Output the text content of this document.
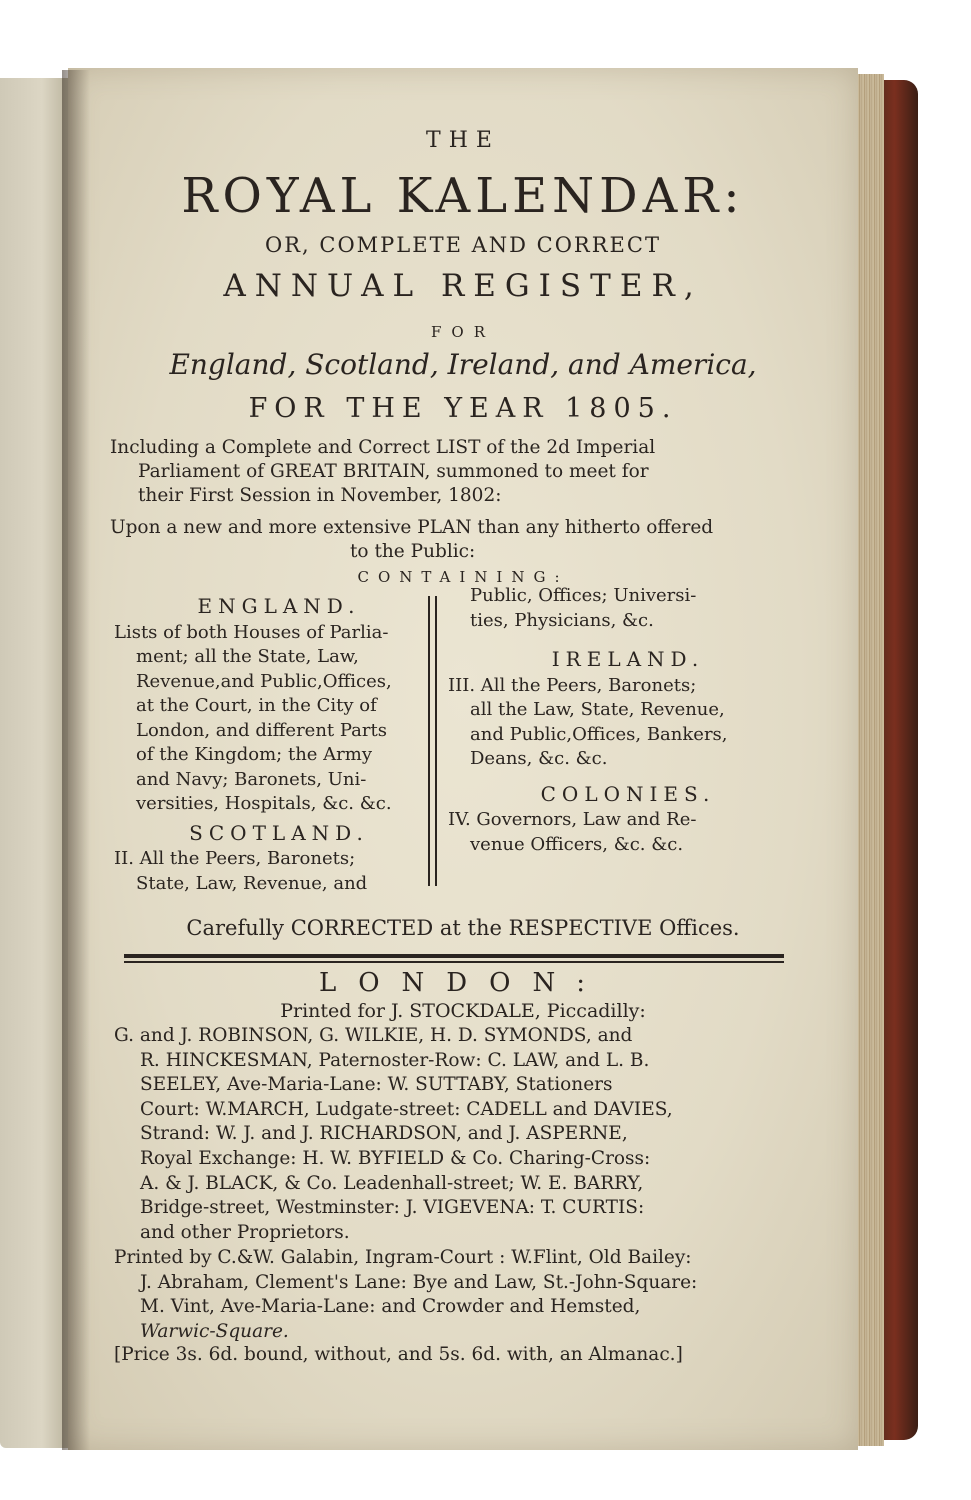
THE
ROYAL KALENDAR:
OR, COMPLETE AND CORRECT
ANNUAL REGISTER,
FOR
England, Scotland, Ireland, and America,
FOR THE YEAR 1805.
Including a Complete and Correct LIST of the 2d Imperial
Parliament of GREAT BRITAIN, summoned to meet for
their First Session in November, 1802:
Upon a new and more extensive PLAN than any hitherto offered
to the Public:
CONTAINING:
ENGLAND.
Lists of both Houses of Parlia-
ment; all the State, Law,
Revenue,and Public,Offices,
at the Court, in the City of
London, and different Parts
of the Kingdom; the Army
and Navy; Baronets, Uni-
versities, Hospitals, &c. &c.
SCOTLAND.
II. All the Peers, Baronets;
State, Law, Revenue, and
Public, Offices; Universi-
ties, Physicians, &c.
IRELAND.
III. All the Peers, Baronets;
all the Law, State, Revenue,
and Public,Offices, Bankers,
Deans, &c. &c.
COLONIES.
IV. Governors, Law and Re-
venue Officers, &c. &c.
Carefully CORRECTED at the RESPECTIVE Offices.
LONDON:
Printed for J. STOCKDALE, Piccadilly:
G. and J. ROBINSON, G. WILKIE, H. D. SYMONDS, and
R. HINCKESMAN, Paternoster-Row: C. LAW, and L. B.
SEELEY, Ave-Maria-Lane: W. SUTTABY, Stationers
Court: W.MARCH, Ludgate-street: CADELL and DAVIES,
Strand: W. J. and J. RICHARDSON, and J. ASPERNE,
Royal Exchange: H. W. BYFIELD & Co. Charing-Cross:
A. & J. BLACK, & Co. Leadenhall-street; W. E. BARRY,
Bridge-street, Westminster: J. VIGEVENA: T. CURTIS:
and other Proprietors.
Printed by C.&W. Galabin, Ingram-Court : W.Flint, Old Bailey:
J. Abraham, Clement's Lane: Bye and Law, St.-John-Square:
M. Vint, Ave-Maria-Lane: and Crowder and Hemsted,
Warwic-Square.
[Price 3s. 6d. bound, without, and 5s. 6d. with, an Almanac.]
